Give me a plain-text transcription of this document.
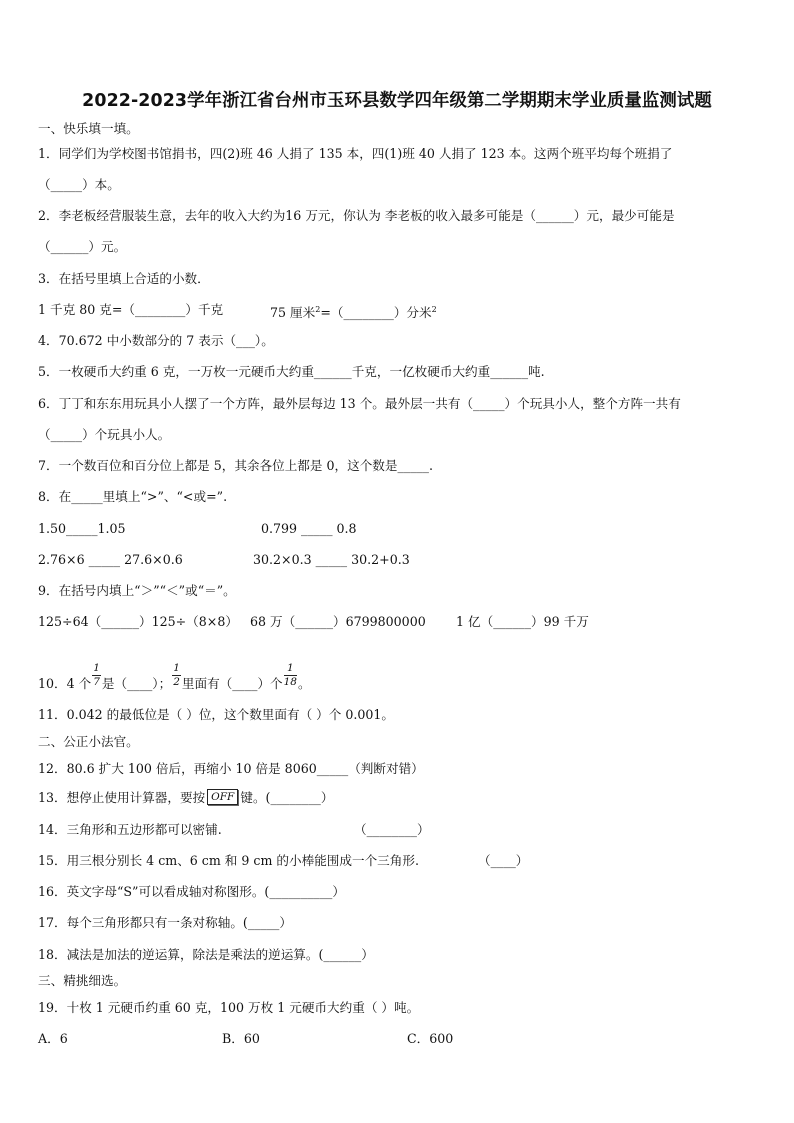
2022-2023学年浙江省台州市玉环县数学四年级第二学期期末学业质量监测试题
一、快乐填一填。
1．同学们为学校图书馆捐书，四(2)班 46 人捐了 135 本，四(1)班 40 人捐了 123 本。这两个班平均每个班捐了
（_____）本。
2．李老板经营服装生意，去年的收入大约为16 万元，你认为 李老板的收入最多可能是（______）元，最少可能是
（______）元。
3．在括号里填上合适的小数．
1 千克 80 克=（________）千克	75 厘米$^2$=（________）分米$^2$
4．70.672 中小数部分的 7 表示（___）。
5．一枚硬币大约重 6 克，一万枚一元硬币大约重______千克，一亿枚硬币大约重______吨.
6．丁丁和东东用玩具小人摆了一个方阵，最外层每边 13 个。最外层一共有（_____）个玩具小人，整个方阵一共有
（_____）个玩具小人。
7．一个数百位和百分位上都是 5，其余各位上都是 0，这个数是_____.
8．在_____里填上“>”、“<或=”.
1.50_____1.05	0.799 _____ 0.8
2.76×6 _____ 27.6×0.6	30.2×0.3 _____ 30.2+0.3
9．在括号内填上“＞”“＜”或“＝”。
125÷64（______）125÷（8×8） 68 万（______）6799800000 1 亿（______）99 千万
10．4 个 $\frac{1}{7}$ 是（____）； $\frac{1}{2}$ 里面有（____）个 $\frac{1}{18}$ 。
11．0.042 的最低位是（ ）位，这个数里面有（ ）个 0.001。
二、公正小法官。
12．80.6 扩大 100 倍后，再缩小 10 倍是 8060_____（判断对错）
13．想停止使用计算器，要按 OFF 键。(________）
14．三角形和五边形都可以密铺.	（________）
15．用三根分别长 4 cm、6 cm 和 9 cm 的小棒能围成一个三角形.	（____）
16．英文字母“S”可以看成轴对称图形。(__________）
17．每个三角形都只有一条对称轴。(_____）
18．减法是加法的逆运算，除法是乘法的逆运算。(______）
三、精挑细选。
19．十枚 1 元硬币约重 60 克，100 万枚 1 元硬币大约重（ ）吨。
A．6	B．60	C．600
